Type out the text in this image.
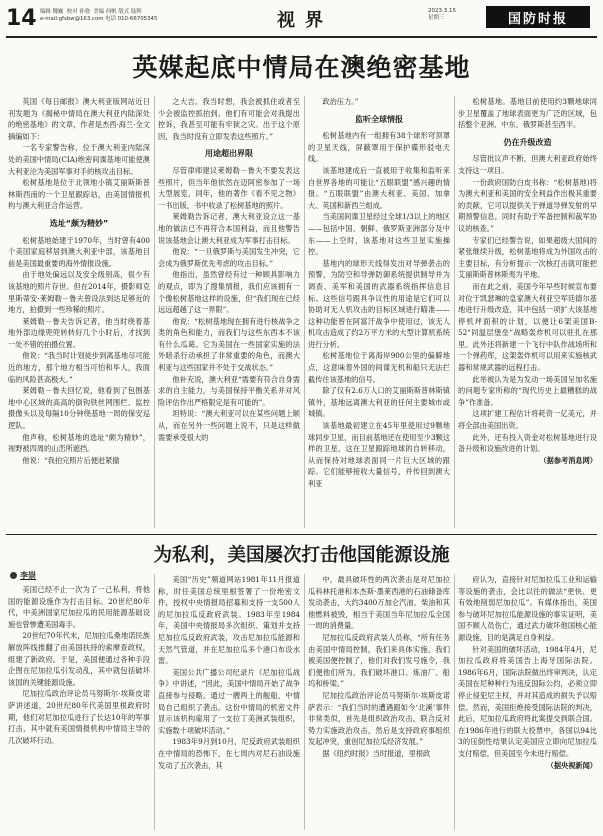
14 编辑 魏巍  校对 孙骁  美编 何帆 版式 陆辉
e-mail:gfsbw@163.com 电话 010-66705345	视界	2023.3.15
星期三	国防时报
英媒起底中情局在澳绝密基地

英国《每日邮报》澳大利亚版网站近日刊发题为《揭秘中情局在澳大利亚内陆深处的绝密基地》的文章，作者是杰西·海兰·全文摘编如下：

一名专家警告称，位于澳大利亚内陆深处的美国中情局(CIA)绝密间谍基地可能使澳大利亚沦为美国军事对手的核攻击目标。

松树基地是位于北领地小镇艾丽斯斯普林斯西南的一个卫星跟踪站，由美国情报机构与澳大利亚合作运营。

选址“颇为精妙”

松树基地始建于1970年，当时曾有400个美国家庭移居到澳大利亚中部，该基地目前是美国最重要的海外情报设施。

由于地处偏远以及安全级别高，很少有该基地的照片存世。但在2014年，摄影师克里斯蒂安·莱姆勒－鲁夫曾设法到达足够近的地方，拍摄到一些珍稀的照片。

莱姆勒－鲁夫告诉记者，他当时绕着基地外部边缘兜兜转转好几个小时后，才找到一处不错的拍摄位置。

他说：“我当时计划徒步到离基地尽可能近的地方，那个地方相当可怕和毕人，我面临的风险甚高极大。”

莱姆勒－鲁夫回忆说，他看到了包围基地中心区域的高高的倒钩铁丝网围栏、监控摄像头以及每隔10分钟绕基地一周的保安巡逻队。

他声称，松树基地的选址“颇为精妙”，视野被四周的山峦所遮挡。

他说：“我拍完照片后便赶紧撤

之大吉。我当时想，我会被抓住或者至少会被监控抓拍到。他们有可能会对我提出控诉，我甚至可能有牢狱之灾。出于这个原因，我当时没有立即发表这些照片。”

用途超出界限

尽管律师建议莱姆勒－鲁夫不要发表这些照片，但当年他依然在迈阿密参加了一场大型展览，同年，他的著作《看不见之物》一书出版，书中收录了松树基地的照片。

莱姆勒告诉记者，澳大利亚设立这一基地的做法已不再符合本国利益，而且他警告说该基地会让澳大利亚成为军事打击目标。

他说：“一旦俄罗斯与美国发生冲突，它会成为俄罗斯优先考虑的攻击目标。”

他指出，虽然曾经有过一种顾具影响力的观点，即为了搜集情报，我们应该拥有一个像松树基地这样的设施，但“我们现在已经远远超越了这一界限”。

他说：“松树基地现在拥有进行核战争之类的角色和能力，而我们与这些东西本不该有什么瓜葛。它为美国在一些国家实施的法外暗杀行动承担了非常重要的角色，而澳大利亚与这些国家并不处于交战状态。”

他补充说，澳大利亚“需要有符合自身需求的自主能力，与美国保持平衡关系并对风险评估作出严格限定是有可能的”。

坦特说：“澳大利亚可以在某些问题上顺从，而在另外一些问题上说不，只是这样做需要承受很大的

政治压力。”

监听全球情报

松树基地内有一组拥有38个球形穹顶罩的卫星天线，屏蔽罩用于保护碟形驳电天线。

该基地建成后一直被用于收集和监听来自世界各地的可能让“五眼联盟”感兴趣的情报。“五眼联盟”由澳大利亚、美国、加拿大、英国和新西兰组成。

当美国间谍卫星经过全球1/3以上的地区——包括中国、朝鲜、俄罗斯亚洲部分及中东——上空时，该基地对这些卫星实施操控。

基地内的球形天线得发出对导弹袭击的预警，为防空和导弹防御系统提供制导并为调查、美军和美国的武器系统指挥信息目标。这些信号跟具争议性的用途是它们可以协助对无人机攻击的目标区域进行瞄准——这种功能曾在阿富汗战争中使用过，该无人机攻击造成了约2万平方米的大型计算机系统进行分析。

松树基地位于离海岸900公里的偏僻地点，这意味着外国的间谍无机和船只无法拦截传往该基地的信号。

除了仅有2.6万人口的艾丽斯斯普林斯镇镇外，基地远离澳大利亚的任何主要城市或城镇。

该基地最初建立在45年里使用过9颗地球同步卫星，而目前基地还在使用至少3颗这样的卫星，这在卫星跟踪地球的自转移动，从而保持对地球表面同一片巨大区域的跟踪。它们能够接收大量信号，并传回到澳大利亚

松树基地。基地目前使用约3颗地球同步卫星覆盖了地球表面更为广泛的区域，包括整个亚洲、中东、俄罗斯甚至西半。

仍在升级改造

尽管批议声不断，但澳大利亚政府始终支持这一项目。

一份政府国防白皮书称：“松树基地)将为澳大利亚和美国的安全利益作出极其重要的贡献，它可以提供关于弹道导弹发射的早期预警信息，同时有助于军备控制和裁军协议的核查。”

专家们已经警告说，如果超级大国间的紧张继续升级，松树基地将成为外国攻击的主要目标，有分析提示一次核打击就可能把艾丽斯斯普林斯夷为平地。

而在此之前，美国今年早些时候宣布要对位于凯瑟琳的皇家澳大利亚空军廷德尔基地进行升级改造，其中包括一项扩大该基地停机坪面积的计划，以便让6架美国B-52“同温层堡垒”战略轰炸机可以驻扎在那里。此外还将新建一个飞行中队作战场所和一个弹药库，这架轰炸机可以用来实施核武器和常规武器的远程打击。

此举被认为是为发动一场美国呈加名施的问题专家所称的“现代历史上最糟糕的战争”作准备。

这项扩建工程估计将耗资一亿美元，并将全部由美国出资。

此外，还有投入资金对松树基地进行设备升级和设施改进的计划。

（据参考消息网）

为私利，美国屡次打击他国能源设施
李崇

美国已经不止一次为了一己私利，将他国的能源设施作为打击目标。20世纪80年代，中美洲国家尼加拉瓜的民用能源基础设施也曾惨遭美国毒手。

20世纪70年代末，尼加拉瓜桑地诺民族解放阵线推翻了由美国扶持的索摩查政权，组建了新政府。于是，美国便通过各种手段企图在尼加拉瓜引发动乱，其中就包括破坏该国的关键能源设施。

尼加拉瓜政治评论员马努斯尔·埃斯皮诺萨讲述道，20世纪80年代美国里根政府时期，他们对尼加拉瓜进行了长达10年的军事打击，其中就有美国情报机构中情局主导的几次破坏行动。

美国“历史”频道网站1981年11月报道称，时任美国总统里根签署了一份绝密文件，授权中央情报局招募和支持一支500人的尼加拉瓜反政府武装。1983年至1984年，美国中央情报局多次组织、策划并支持尼加拉瓜反政府武装，攻击尼加拉瓜能源和天然气管道，并在尼加拉瓜多个港口布设水雷。

美国公共广播公司纪录片《尼加拉瓜战争》中讲述，“因此，美国中情局开始了战争直接参与侵略。通过一艘两上的舰船，中情局自己组织了袭击。这份中情局的机密文件显示该机构雇用了一支拉丁美洲武装组织，实施数十项破坏活动。”

1983年9月到10月，尼反政府武装组织在中情局的恐怖下，在七周内对尼石油设施发动了五次袭击，其

中，最具破坏性的两次袭击是对尼加拉瓜科林托港和本杰斯·墨莱西港的石油储备库发动袭击，大约3400万加仑汽油、柴油和其他燃料被毁，相当于美国当年尼加拉瓜全国一周的消费量。

尼加拉瓜反政府武装人员称，“所有任务由美国中情局控制，我们来具体实施。我们被美国便控制了，他们对我们发号施令，我们便他们所为，我们破坏港口、炼油厂、船坞和桥梁。”

尼加拉瓜政治评论员马努斯尔·埃斯皮诺萨表示：“我们当时的遭遇跟如今‘北溪’事件非常类似，首先是组织政治攻击，联合反对势力实施政治攻击，然后是支持政府事组织发起冲突，重创尼加拉瓜经济发展。”

据《纽约时报》当时报道，里根政

府认为，直接针对尼加拉瓜工业和运输等设施的袭击，会比以往的做法“更快、更有效地削弱尼加拉瓜”。有媒体指出，美国参与破坏尼加拉瓜能源设施的事实证明，美国不顾人员伤亡，通过武力破坏他国核心能源设施，目的是满足自身利益。

针对美国的破坏活动，1984年4月，尼加拉瓜政府将美国告上海牙国际法院。1986年6月，国际法院做出终审判决，认定美国在尼种种行为违反国际公约，必须立即停止侵犯尼主权，并对其造成的损失予以赔偿。然而，美国拒绝接受国际法院的判决，此后，尼加拉瓜政府将此案提交到联合国。在1986年进行的联大投票中，各国以94比3的压倒性结果认定美国应立即向尼加拉瓜支付赔偿，但美国至今未进行赔偿。

（据央视新闻）
